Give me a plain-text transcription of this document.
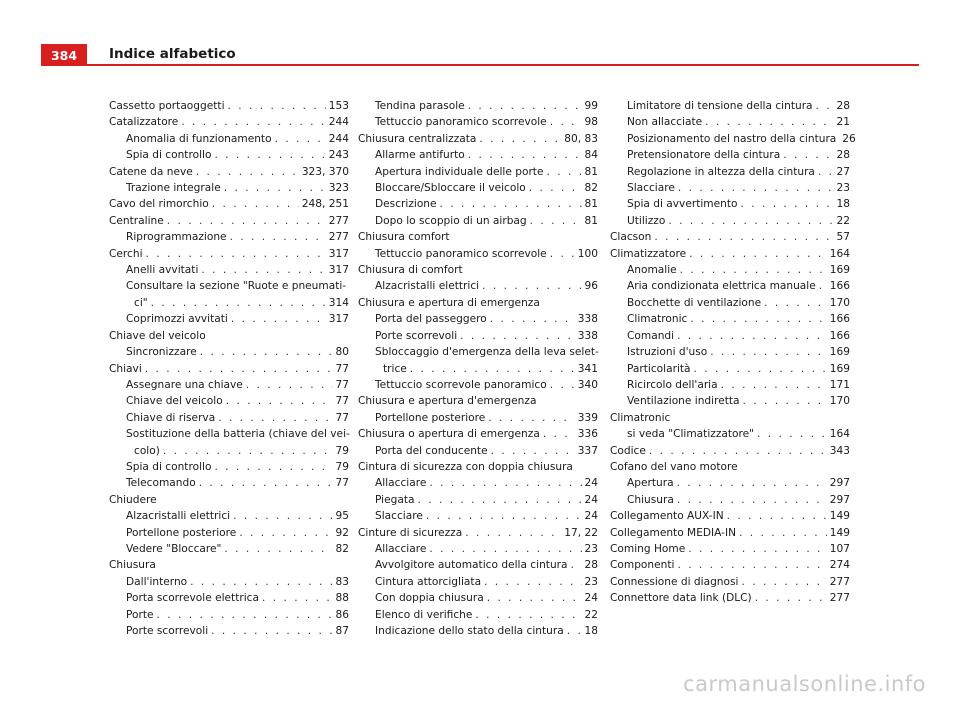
384 Indice alfabetico
Cassetto portaoggetti . . .	153
Catalizzatore . . .	244
Anomalia di funzionamento . . .	244
Spia di controllo . . .	243
Catene da neve . . .	323, 370
Trazione integrale . . .	323
Cavo del rimorchio . . .	248, 251
Centraline . . .	277
Riprogrammazione . . .	277
Cerchi . . .	317
Anelli avvitati . . .	317
Consultare la sezione "Ruote e pneumati-
ci" . . .	314
Coprimozzi avvitati . . .	317
Chiave del veicolo
Sincronizzare . . .	80
Chiavi . . .	77
Assegnare una chiave . . .	77
Chiave del veicolo . . .	77
Chiave di riserva . . .	77
Sostituzione della batteria (chiave del vei-
colo) . . .	79
Spia di controllo . . .	79
Telecomando . . .	77
Chiudere
Alzacristalli elettrici . . .	95
Portellone posteriore . . .	92
Vedere "Bloccare" . . .	82
Chiusura
Dall'interno . . .	83
Porta scorrevole elettrica . . .	88
Porte . . .	86
Porte scorrevoli . . .	87
Tendina parasole . . .	99
Tettuccio panoramico scorrevole . . .	98
Chiusura centralizzata . . .	80, 83
Allarme antifurto . . .	84
Apertura individuale delle porte . . .	81
Bloccare/Sbloccare il veicolo . . .	82
Descrizione . . .	81
Dopo lo scoppio di un airbag . . .	81
Chiusura comfort
Tettuccio panoramico scorrevole . . .	100
Chiusura di comfort
Alzacristalli elettrici . . .	96
Chiusura e apertura di emergenza
Porta del passeggero . . .	338
Porte scorrevoli . . .	338
Sbloccaggio d'emergenza della leva selet-
trice . . .	341
Tettuccio scorrevole panoramico . . .	340
Chiusura e apertura d'emergenza
Portellone posteriore . . .	339
Chiusura o apertura di emergenza . . .	336
Porta del conducente . . .	337
Cintura di sicurezza con doppia chiusura
Allacciare . . .	24
Piegata . . .	24
Slacciare . . .	24
Cinture di sicurezza . . .	17, 22
Allacciare . . .	23
Avvolgitore automatico della cintura . . . 28
Cintura attorcigliata . . .	23
Con doppia chiusura . . .	24
Elenco di verifiche . . .	22
Indicazione dello stato della cintura . . . 18
Limitatore di tensione della cintura . . . 28
Non allacciate . . .	21
Posizionamento del nastro della cintura 26
Pretensionatore della cintura . . .	28
Regolazione in altezza della cintura . . . 27
Slacciare . . .	23
Spia di avvertimento . . .	18
Utilizzo . . .	22
Clacson . . .	57
Climatizzatore . . .	164
Anomalie . . .	169
Aria condizionata elettrica manuale . . . 166
Bocchette di ventilazione . . .	170
Climatronic . . .	166
Comandi . . .	166
Istruzioni d'uso . . .	169
Particolarità . . .	169
Ricircolo dell'aria . . .	171
Ventilazione indiretta . . .	170
Climatronic
si veda "Climatizzatore" . . .	164
Codice . . .	343
Cofano del vano motore
Apertura . . .	297
Chiusura . . .	297
Collegamento AUX-IN . . .	149
Collegamento MEDIA-IN . . .	149
Coming Home . . .	107
Componenti . . .	274
Connessione di diagnosi . . .	277
Connettore data link (DLC) . . .	277
carmanualsonline.info
